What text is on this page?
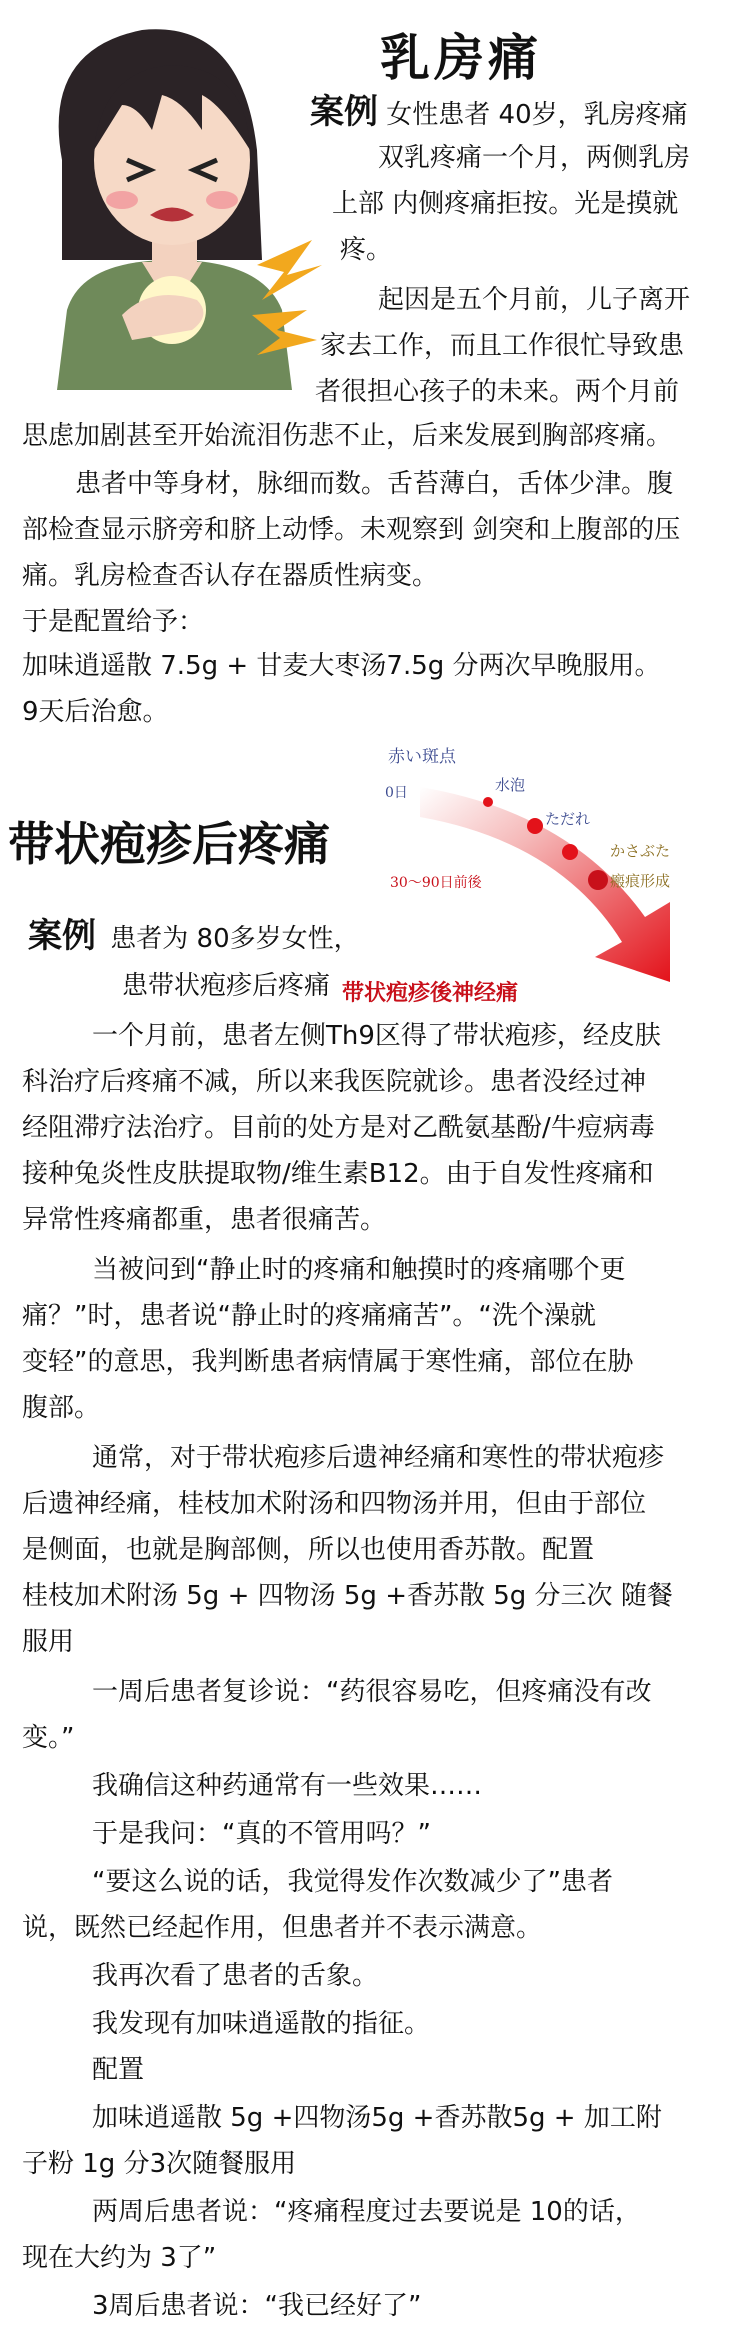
乳房痛
案例 女性患者 40岁，乳房疼痛
双乳疼痛一个月，两侧乳房
上部 内侧疼痛拒按。光是摸就
疼。
起因是五个月前，儿子离开
家去工作，而且工作很忙导致患
者很担心孩子的未来。两个月前
思虑加剧甚至开始流泪伤悲不止，后来发展到胸部疼痛。
患者中等身材，脉细而数。舌苔薄白，舌体少津。腹
部检查显示脐旁和脐上动悸。未观察到 剑突和上腹部的压
痛。乳房检查否认存在器质性病变。
于是配置给予：
加味逍遥散 7.5g + 甘麦大枣汤7.5g 分两次早晚服用。
9天后治愈。
带状疱疹后疼痛
赤い斑点
0日	水泡
ただれ
かさぶた
瘢痕形成
30～90日前後
带状疱疹後神经痛
案例 患者为 80多岁女性，
患带状疱疹后疼痛
一个月前，患者左侧Th9区得了带状疱疹，经皮肤
科治疗后疼痛不减，所以来我医院就诊。患者没经过神
经阻滞疗法治疗。目前的处方是对乙酰氨基酚/牛痘病毒
接种兔炎性皮肤提取物/维生素B12。由于自发性疼痛和
异常性疼痛都重，患者很痛苦。
当被问到“静止时的疼痛和触摸时的疼痛哪个更
痛？”时，患者说“静止时的疼痛痛苦”。“洗个澡就
变轻”的意思，我判断患者病情属于寒性痛，部位在胁
腹部。
通常，对于带状疱疹后遗神经痛和寒性的带状疱疹
后遗神经痛，桂枝加术附汤和四物汤并用，但由于部位
是侧面，也就是胸部侧，所以也使用香苏散。配置
桂枝加术附汤 5g + 四物汤 5g +香苏散 5g 分三次 随餐
服用
一周后患者复诊说：“药很容易吃，但疼痛没有改
变。”
我确信这种药通常有一些效果……
于是我问：“真的不管用吗？”
“要这么说的话，我觉得发作次数减少了”患者
说，既然已经起作用，但患者并不表示满意。
我再次看了患者的舌象。
我发现有加味逍遥散的指征。
配置
加味逍遥散 5g +四物汤5g +香苏散5g + 加工附
子粉 1g 分3次随餐服用
两周后患者说：“疼痛程度过去要说是 10的话，
现在大约为 3了”
3周后患者说：“我已经好了”
